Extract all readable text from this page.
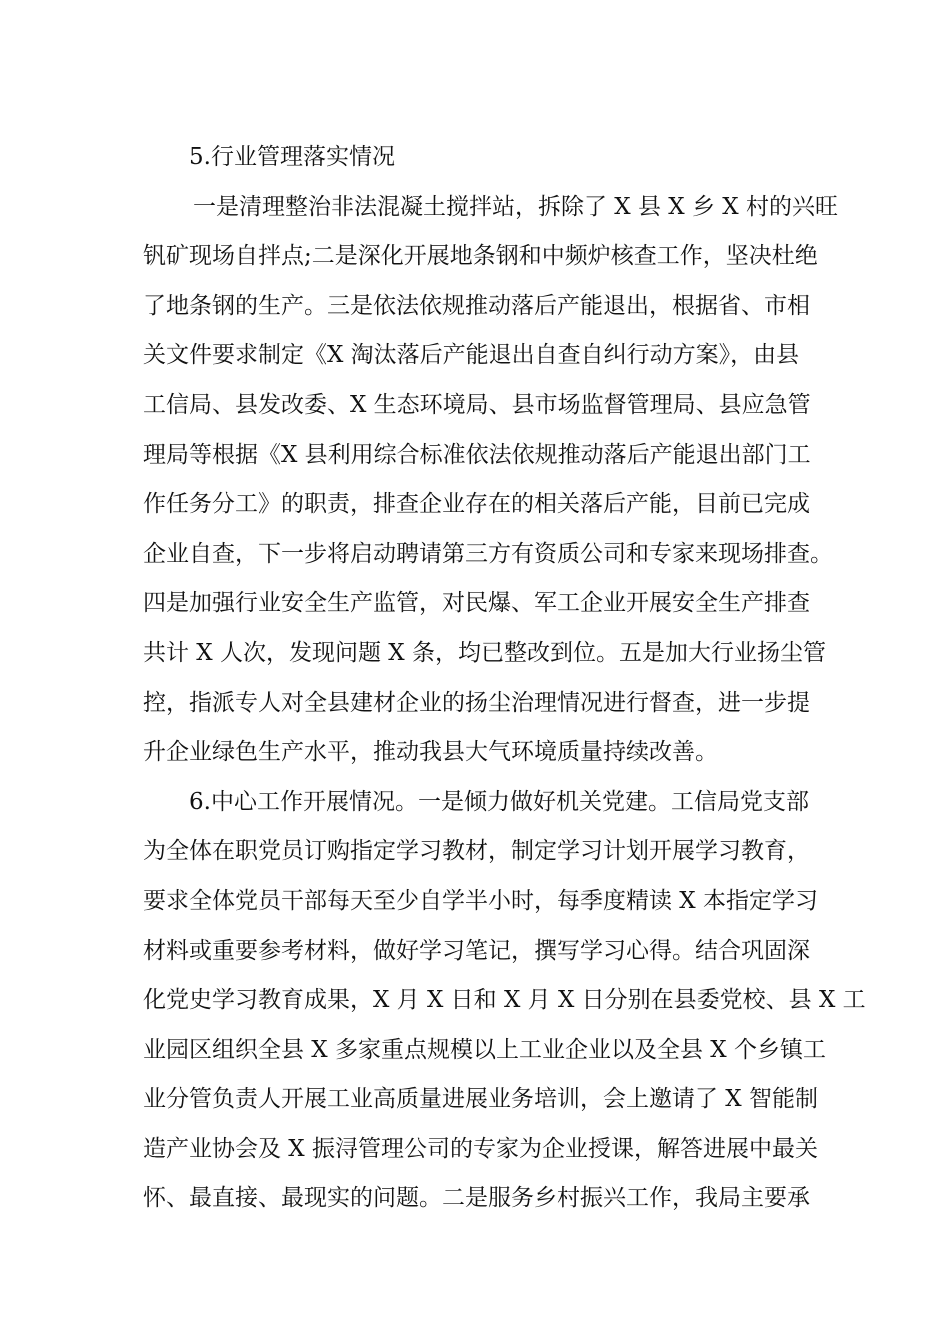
5.行业管理落实情况
一是清理整治非法混凝土搅拌站，拆除了 X 县 X 乡 X 村的兴旺
钒矿现场自拌点;二是深化开展地条钢和中频炉核查工作，坚决杜绝
了地条钢的生产。三是依法依规推动落后产能退出，根据省、市相
关文件要求制定《X 淘汰落后产能退出自查自纠行动方案》，由县
工信局、县发改委、X 生态环境局、县市场监督管理局、县应急管
理局等根据《X 县利用综合标准依法依规推动落后产能退出部门工
作任务分工》的职责，排查企业存在的相关落后产能，目前已完成
企业自查，下一步将启动聘请第三方有资质公司和专家来现场排查。
四是加强行业安全生产监管，对民爆、军工企业开展安全生产排查
共计 X 人次，发现问题 X 条，均已整改到位。五是加大行业扬尘管
控，指派专人对全县建材企业的扬尘治理情况进行督查，进一步提
升企业绿色生产水平，推动我县大气环境质量持续改善。
6.中心工作开展情况。一是倾力做好机关党建。工信局党支部
为全体在职党员订购指定学习教材，制定学习计划开展学习教育，
要求全体党员干部每天至少自学半小时，每季度精读 X 本指定学习
材料或重要参考材料，做好学习笔记，撰写学习心得。结合巩固深
化党史学习教育成果，X 月 X 日和 X 月 X 日分别在县委党校、县 X 工
业园区组织全县 X 多家重点规模以上工业企业以及全县 X 个乡镇工
业分管负责人开展工业高质量进展业务培训，会上邀请了 X 智能制
造产业协会及 X 振浔管理公司的专家为企业授课，解答进展中最关
怀、最直接、最现实的问题。二是服务乡村振兴工作，我局主要承
